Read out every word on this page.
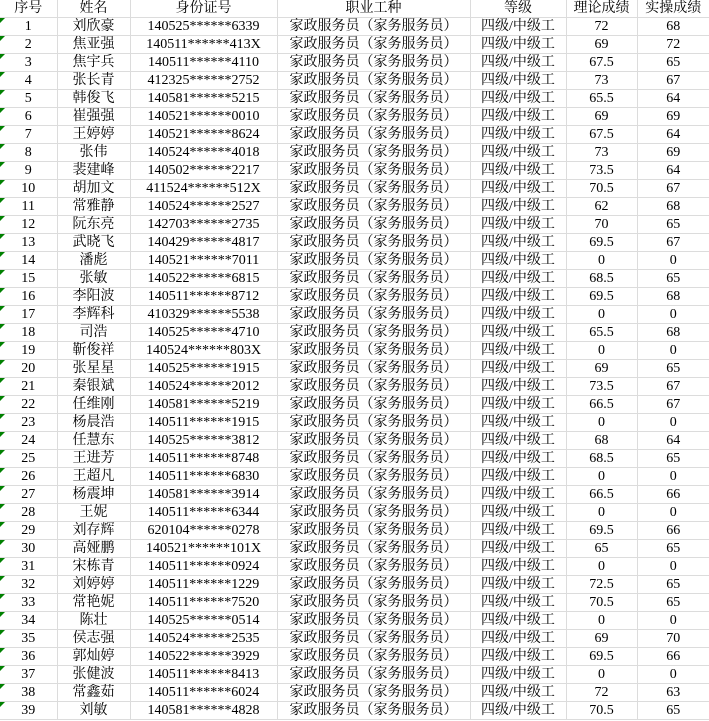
序号	姓名	身份证号	职业工种	等级	理论成绩	实操成绩

1	刘欣豪	140525******6339	家政服务员（家务服务员）	四级/中级工	72	68

2	焦亚强	140511******413X	家政服务员（家务服务员）	四级/中级工	69	72

3	焦宇兵	140511******4110	家政服务员（家务服务员）	四级/中级工	67.5	65

4	张长青	412325******2752	家政服务员（家务服务员）	四级/中级工	73	67

5	韩俊飞	140581******5215	家政服务员（家务服务员）	四级/中级工	65.5	64

6	崔强强	140521******0010	家政服务员（家务服务员）	四级/中级工	69	69

7	王婷婷	140521******8624	家政服务员（家务服务员）	四级/中级工	67.5	64

8	张伟	140524******4018	家政服务员（家务服务员）	四级/中级工	73	69

9	裴建峰	140502******2217	家政服务员（家务服务员）	四级/中级工	73.5	64

10	胡加文	411524******512X	家政服务员（家务服务员）	四级/中级工	70.5	67

11	常雅静	140524******2527	家政服务员（家务服务员）	四级/中级工	62	68

12	阮东亮	142703******2735	家政服务员（家务服务员）	四级/中级工	70	65

13	武晓飞	140429******4817	家政服务员（家务服务员）	四级/中级工	69.5	67

14	潘彪	140521******7011	家政服务员（家务服务员）	四级/中级工	0	0

15	张敏	140522******6815	家政服务员（家务服务员）	四级/中级工	68.5	65

16	李阳波	140511******8712	家政服务员（家务服务员）	四级/中级工	69.5	68

17	李辉科	410329******5538	家政服务员（家务服务员）	四级/中级工	0	0

18	司浩	140525******4710	家政服务员（家务服务员）	四级/中级工	65.5	68

19	靳俊祥	140524******803X	家政服务员（家务服务员）	四级/中级工	0	0

20	张星星	140525******1915	家政服务员（家务服务员）	四级/中级工	69	65

21	秦银斌	140524******2012	家政服务员（家务服务员）	四级/中级工	73.5	67

22	任维刚	140581******5219	家政服务员（家务服务员）	四级/中级工	66.5	67

23	杨晨浩	140511******1915	家政服务员（家务服务员）	四级/中级工	0	0

24	任慧东	140525******3812	家政服务员（家务服务员）	四级/中级工	68	64

25	王进芳	140511******8748	家政服务员（家务服务员）	四级/中级工	68.5	65

26	王超凡	140511******6830	家政服务员（家务服务员）	四级/中级工	0	0

27	杨震坤	140581******3914	家政服务员（家务服务员）	四级/中级工	66.5	66

28	王妮	140511******6344	家政服务员（家务服务员）	四级/中级工	0	0

29	刘存辉	620104******0278	家政服务员（家务服务员）	四级/中级工	69.5	66

30	高娅鹏	140521******101X	家政服务员（家务服务员）	四级/中级工	65	65

31	宋栋青	140511******0924	家政服务员（家务服务员）	四级/中级工	0	0

32	刘婷婷	140511******1229	家政服务员（家务服务员）	四级/中级工	72.5	65

33	常艳妮	140511******7520	家政服务员（家务服务员）	四级/中级工	70.5	65

34	陈壮	140525******0514	家政服务员（家务服务员）	四级/中级工	0	0

35	侯志强	140524******2535	家政服务员（家务服务员）	四级/中级工	69	70

36	郭灿婷	140522******3929	家政服务员（家务服务员）	四级/中级工	69.5	66

37	张健波	140511******8413	家政服务员（家务服务员）	四级/中级工	0	0

38	常鑫茹	140511******6024	家政服务员（家务服务员）	四级/中级工	72	63

39	刘敏	140581******4828	家政服务员（家务服务员）	四级/中级工	70.5	65
